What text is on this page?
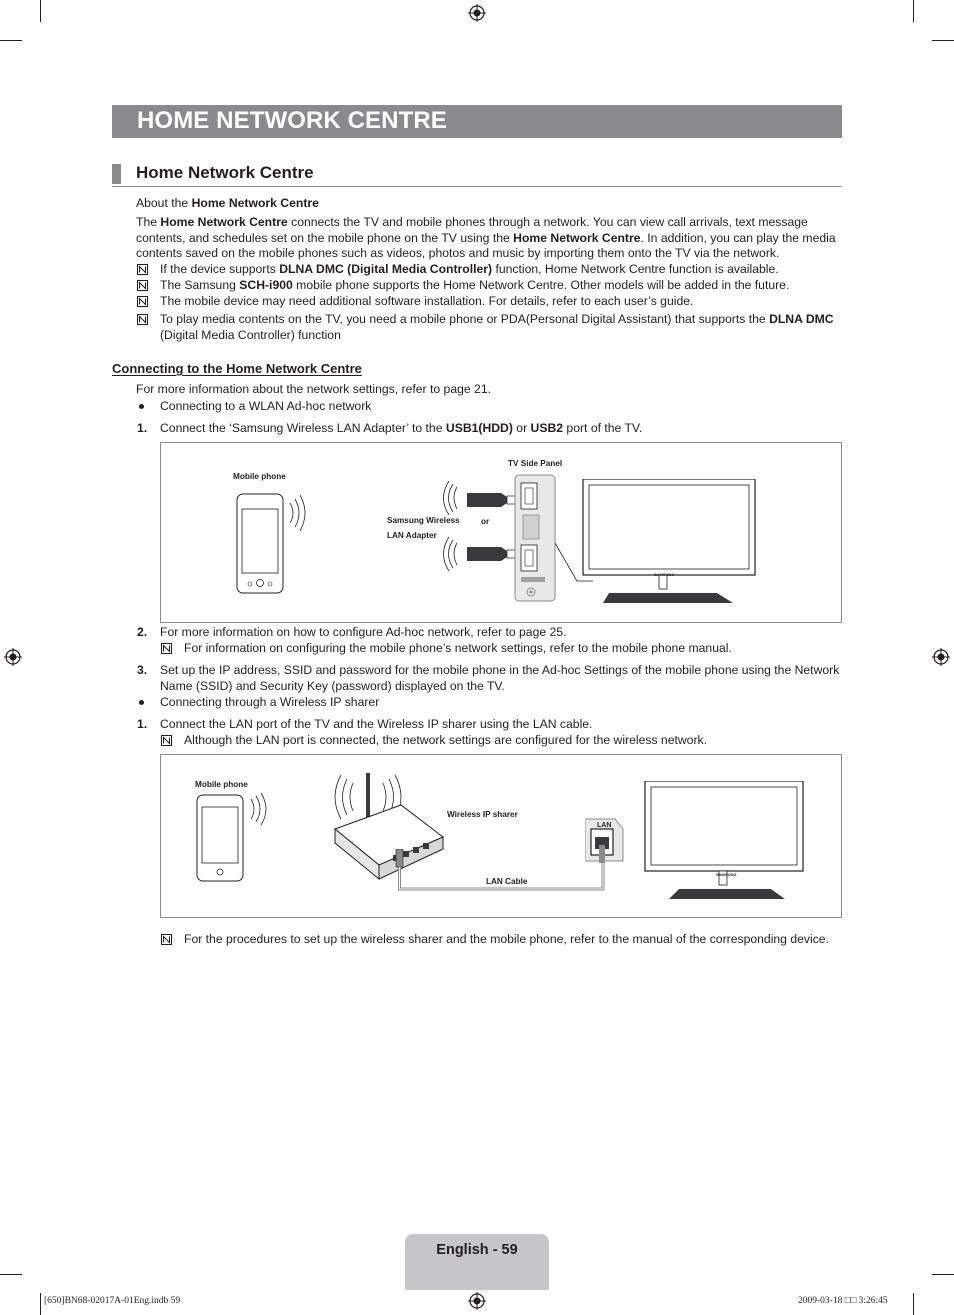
HOME NETWORK CENTRE
Home Network Centre
About the Home Network Centre
The Home Network Centre connects the TV and mobile phones through a network. You can view call arrivals, text message
contents, and schedules set on the mobile phone on the TV using the Home Network Centre. In addition, you can play the media
contents saved on the mobile phones such as videos, photos and music by importing them onto the TV via the network.
If the device supports DLNA DMC (Digital Media Controller) function, Home Network Centre function is available.
The Samsung SCH-i900 mobile phone supports the Home Network Centre. Other models will be added in the future.
The mobile device may need additional software installation. For details, refer to each user’s guide.
To play media contents on the TV, you need a mobile phone or PDA(Personal Digital Assistant) that supports the DLNA DMC
(Digital Media Controller) function
Connecting to the Home Network Centre
For more information about the network settings, refer to page 21.
Connecting to a WLAN Ad-hoc network
1. Connect the ‘Samsung Wireless LAN Adapter’ to the USB1(HDD) or USB2 port of the TV.
Mobile phone
TV Side Panel
Samsung Wireless
LAN Adapter
or
SAMSUNG
2. For more information on how to configure Ad-hoc network, refer to page 25.
For information on configuring the mobile phone’s network settings, refer to the mobile phone manual.
3. Set up the IP address, SSID and password for the mobile phone in the Ad-hoc Settings of the mobile phone using the Network
Name (SSID) and Security Key (password) displayed on the TV.
Connecting through a Wireless IP sharer
1. Connect the LAN port of the TV and the Wireless IP sharer using the LAN cable.
Although the LAN port is connected, the network settings are configured for the wireless network.
Mobile phone
Wireless IP sharer
LAN Cable
LAN
SAMSUNG
For the procedures to set up the wireless sharer and the mobile phone, refer to the manual of the corresponding device.
English - 59
[650]BN68-02017A-01Eng.indb 59	2009-03-18 □□ 3:26:45
